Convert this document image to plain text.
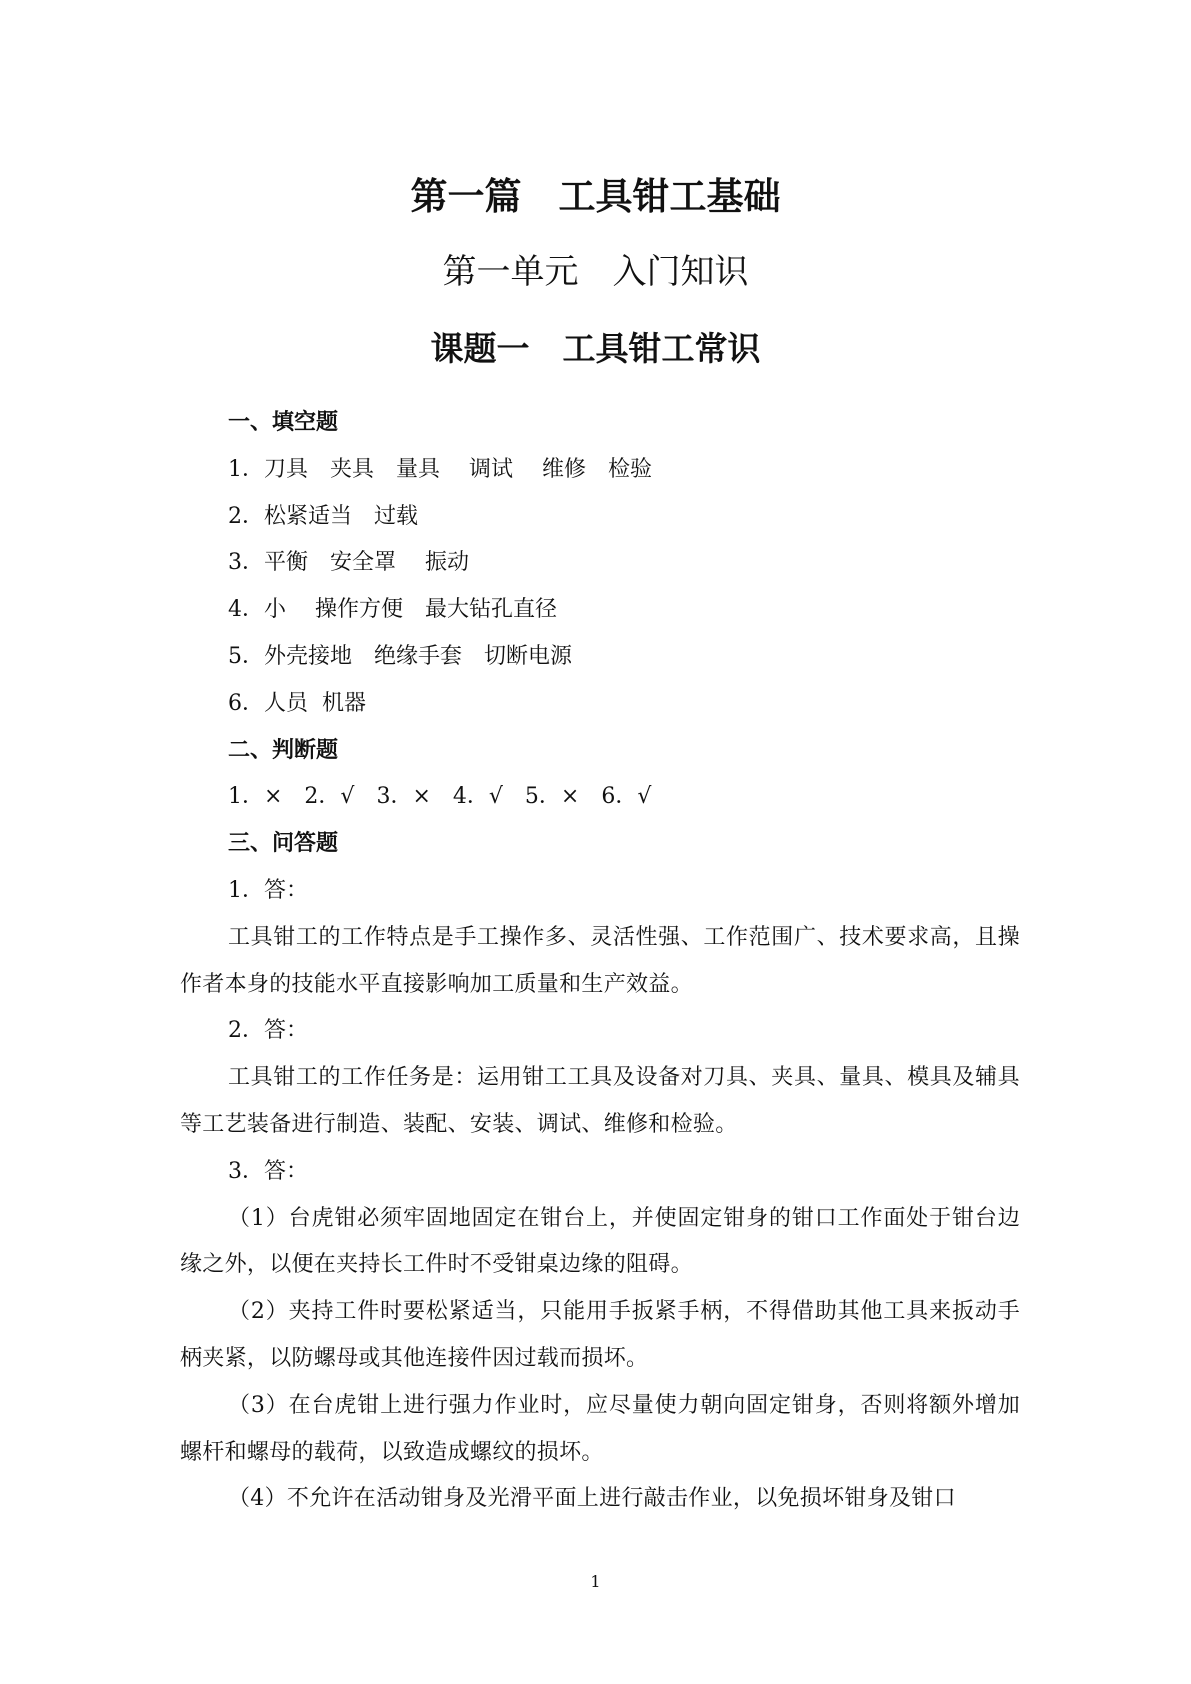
第一篇　工具钳工基础
第一单元　入门知识
课题一　工具钳工常识

一、填空题

1．刀具　夹具　量具　 调试　 维修　检验

2．松紧适当　过载

3．平衡　安全罩　 振动

4．小　 操作方便　最大钻孔直径

5．外壳接地　绝缘手套　切断电源

6．人员  机器

二、判断题

1．×　2．√　3．×　4．√　5．×　6．√

三、问答题

1．答：

工具钳工的工作特点是手工操作多、灵活性强、工作范围广、技术要求高，且操作者本身的技能水平直接影响加工质量和生产效益。

2．答：

工具钳工的工作任务是：运用钳工工具及设备对刀具、夹具、量具、模具及辅具等工艺装备进行制造、装配、安装、调试、维修和检验。

3．答：

（1）台虎钳必须牢固地固定在钳台上，并使固定钳身的钳口工作面处于钳台边缘之外，以便在夹持长工件时不受钳桌边缘的阻碍。

（2）夹持工件时要松紧适当，只能用手扳紧手柄，不得借助其他工具来扳动手柄夹紧，以防螺母或其他连接件因过载而损坏。

（3）在台虎钳上进行强力作业时，应尽量使力朝向固定钳身，否则将额外增加螺杆和螺母的载荷，以致造成螺纹的损坏。

（4）不允许在活动钳身及光滑平面上进行敲击作业，以免损坏钳身及钳口

1
